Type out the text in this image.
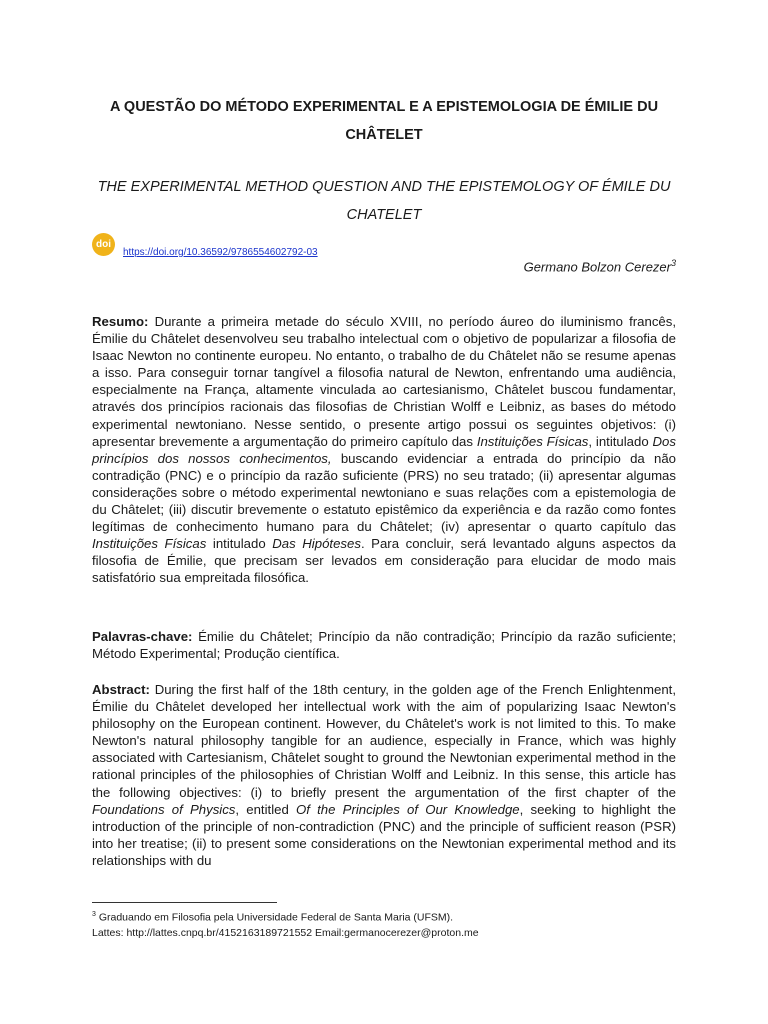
A QUESTÃO DO MÉTODO EXPERIMENTAL E A EPISTEMOLOGIA DE ÉMILIE DU CHÂTELET
THE EXPERIMENTAL METHOD QUESTION AND THE EPISTEMOLOGY OF ÉMILE DU CHATELET
doi
https://doi.org/10.36592/9786554602792-03
Germano Bolzon Cerezer$^3$
Resumo: Durante a primeira metade do século XVIII, no período áureo do iluminismo francês, Émilie du Châtelet desenvolveu seu trabalho intelectual com o objetivo de popularizar a filosofia de Isaac Newton no continente europeu. No entanto, o trabalho de du Châtelet não se resume apenas a isso. Para conseguir tornar tangível a filosofia natural de Newton, enfrentando uma audiência, especialmente na França, altamente vinculada ao cartesianismo, Châtelet buscou fundamentar, através dos princípios racionais das filosofias de Christian Wolff e Leibniz, as bases do método experimental newtoniano. Nesse sentido, o presente artigo possui os seguintes objetivos: (i) apresentar brevemente a argumentação do primeiro capítulo das Instituições Físicas, intitulado Dos princípios dos nossos conhecimentos, buscando evidenciar a entrada do princípio da não contradição (PNC) e o princípio da razão suficiente (PRS) no seu tratado; (ii) apresentar algumas considerações sobre o método experimental newtoniano e suas relações com a epistemologia de du Châtelet; (iii) discutir brevemente o estatuto epistêmico da experiência e da razão como fontes legítimas de conhecimento humano para du Châtelet; (iv) apresentar o quarto capítulo das Instituições Físicas intitulado Das Hipóteses. Para concluir, será levantado alguns aspectos da filosofia de Émilie, que precisam ser levados em consideração para elucidar de modo mais satisfatório sua empreitada filosófica.
Palavras-chave: Émilie du Châtelet; Princípio da não contradição; Princípio da razão suficiente; Método Experimental; Produção científica.
Abstract: During the first half of the 18th century, in the golden age of the French Enlightenment, Émilie du Châtelet developed her intellectual work with the aim of popularizing Isaac Newton's philosophy on the European continent. However, du Châtelet's work is not limited to this. To make Newton's natural philosophy tangible for an audience, especially in France, which was highly associated with Cartesianism, Châtelet sought to ground the Newtonian experimental method in the rational principles of the philosophies of Christian Wolff and Leibniz. In this sense, this article has the following objectives: (i) to briefly present the argumentation of the first chapter of the Foundations of Physics, entitled Of the Principles of Our Knowledge, seeking to highlight the introduction of the principle of non-contradiction (PNC) and the principle of sufficient reason (PSR) into her treatise; (ii) to present some considerations on the Newtonian experimental method and its relationships with du
$^3$ Graduando em Filosofia pela Universidade Federal de Santa Maria (UFSM).
Lattes: http://lattes.cnpq.br/4152163189721552 Email:germanocerezer@proton.me
